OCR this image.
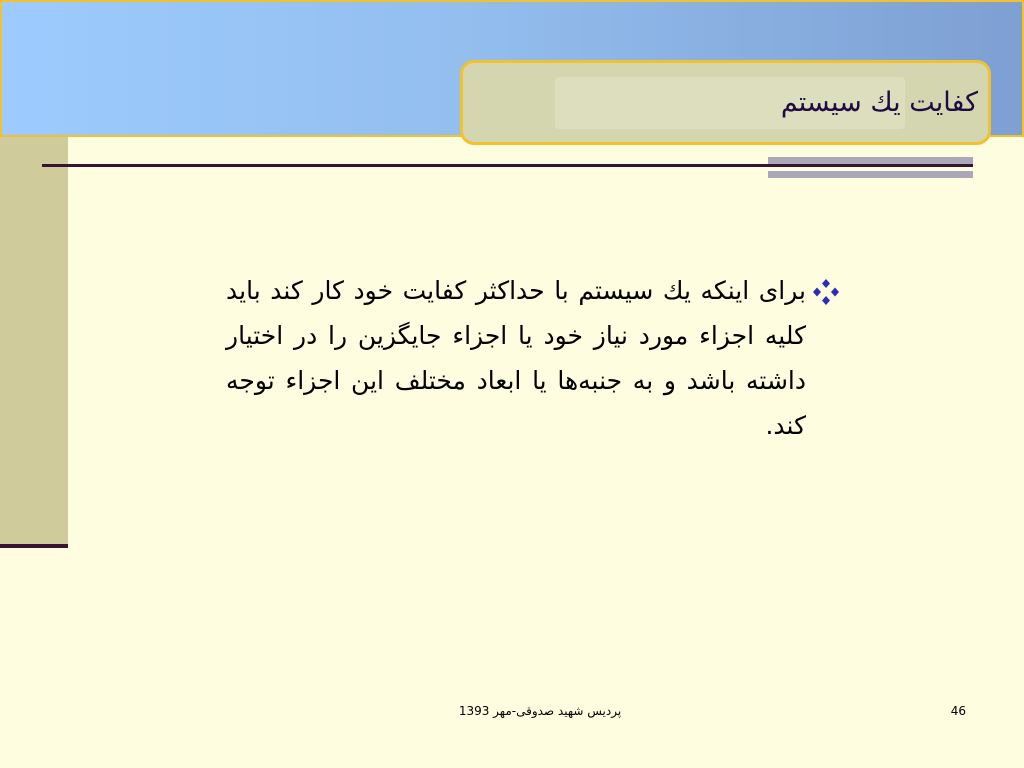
كفايت يك سيستم
برای اینکه يك سيستم با حداكثر كفايت خود كار كند بايد كليه اجزاء مورد نياز خود يا اجزاء جايگزين را در اختيار داشته باشد و به جنبه‌ها يا ابعاد مختلف اين اجزاء توجه كند.
پرديس شهيد صدوقی-مهر 1393	46
